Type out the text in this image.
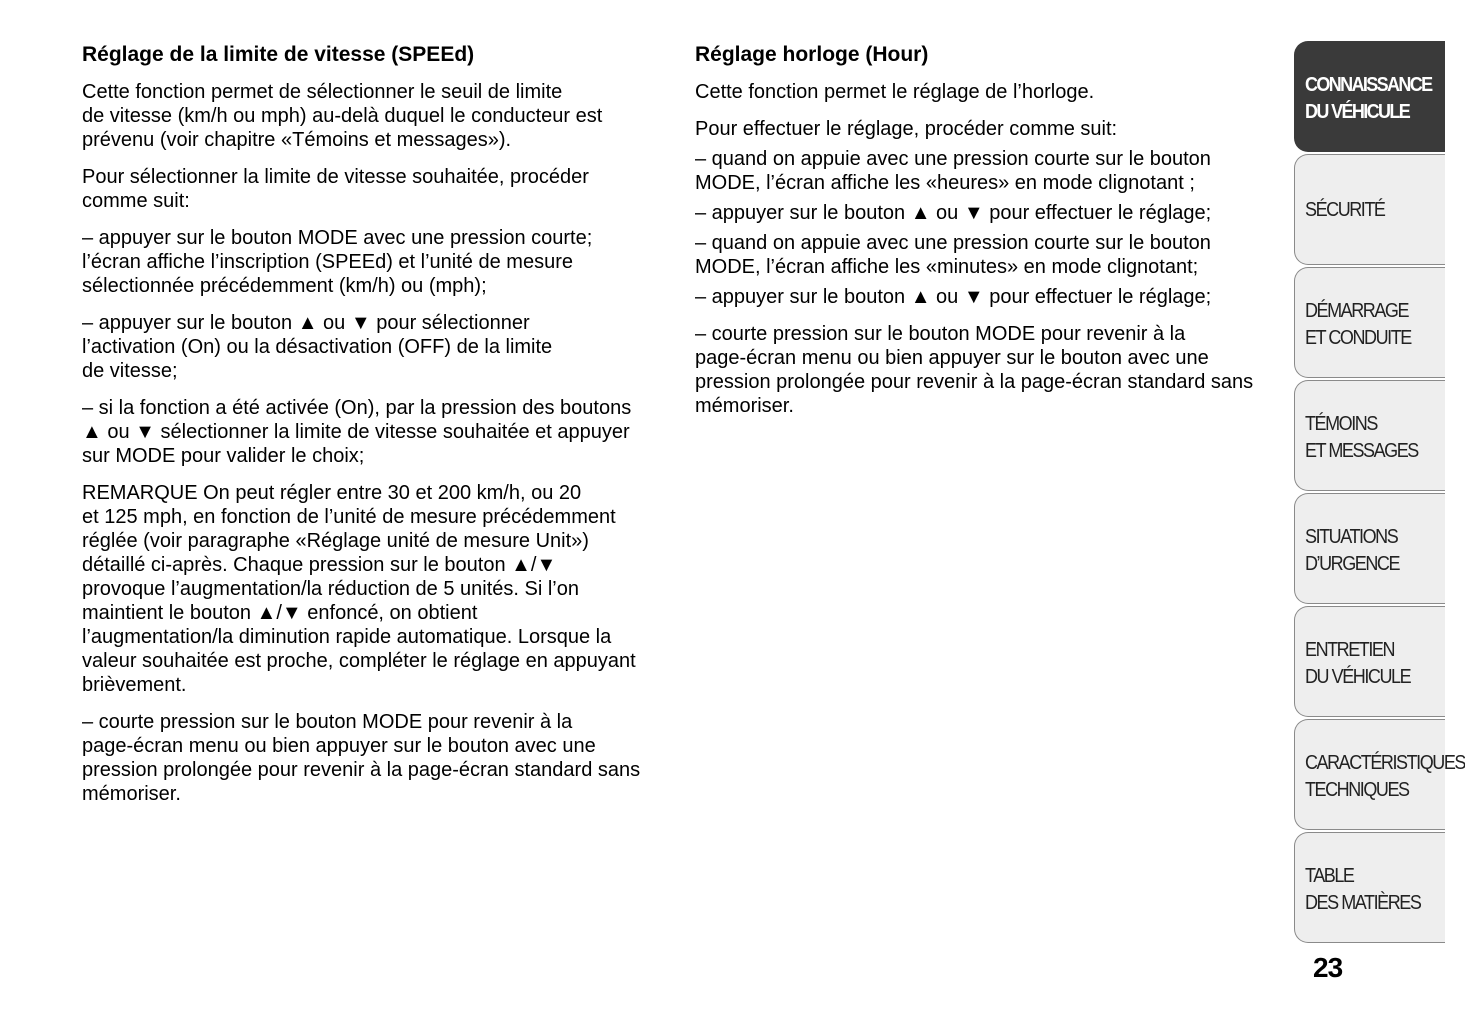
Réglage de la limite de vitesse (SPEEd)

Cette fonction permet de sélectionner le seuil de limite
de vitesse (km/h ou mph) au-delà duquel le conducteur est
prévenu (voir chapitre «Témoins et messages»).

Pour sélectionner la limite de vitesse souhaitée, procéder
comme suit:

– appuyer sur le bouton MODE avec une pression courte;
l’écran affiche l’inscription (SPEEd) et l’unité de mesure
sélectionnée précédemment (km/h) ou (mph);

– appuyer sur le bouton ▲ ou ▼ pour sélectionner
l’activation (On) ou la désactivation (OFF) de la limite
de vitesse;

– si la fonction a été activée (On), par la pression des boutons
▲ ou ▼ sélectionner la limite de vitesse souhaitée et appuyer
sur MODE pour valider le choix;

REMARQUE On peut régler entre 30 et 200 km/h, ou 20
et 125 mph, en fonction de l’unité de mesure précédemment
réglée (voir paragraphe «Réglage unité de mesure Unit»)
détaillé ci-après. Chaque pression sur le bouton ▲/▼
provoque l’augmentation/la réduction de 5 unités. Si l’on
maintient le bouton ▲/▼ enfoncé, on obtient
l’augmentation/la diminution rapide automatique. Lorsque la
valeur souhaitée est proche, compléter le réglage en appuyant
brièvement.

– courte pression sur le bouton MODE pour revenir à la
page-écran menu ou bien appuyer sur le bouton avec une
pression prolongée pour revenir à la page-écran standard sans
mémoriser.

Réglage horloge (Hour)

Cette fonction permet le réglage de l’horloge.

Pour effectuer le réglage, procéder comme suit:

– quand on appuie avec une pression courte sur le bouton
MODE, l’écran affiche les «heures» en mode clignotant ;

– appuyer sur le bouton ▲ ou ▼ pour effectuer le réglage;

– quand on appuie avec une pression courte sur le bouton
MODE, l’écran affiche les «minutes» en mode clignotant;

– appuyer sur le bouton ▲ ou ▼ pour effectuer le réglage;

– courte pression sur le bouton MODE pour revenir à la
page-écran menu ou bien appuyer sur le bouton avec une
pression prolongée pour revenir à la page-écran standard sans
mémoriser.

CONNAISSANCE
DU VÉHICULE
SÉCURITÉ
DÉMARRAGE
ET CONDUITE
TÉMOINS
ET MESSAGES
SITUATIONS
D’URGENCE
ENTRETIEN
DU VÉHICULE
CARACTÉRISTIQUES
TECHNIQUES
TABLE
DES MATIÈRES
23
